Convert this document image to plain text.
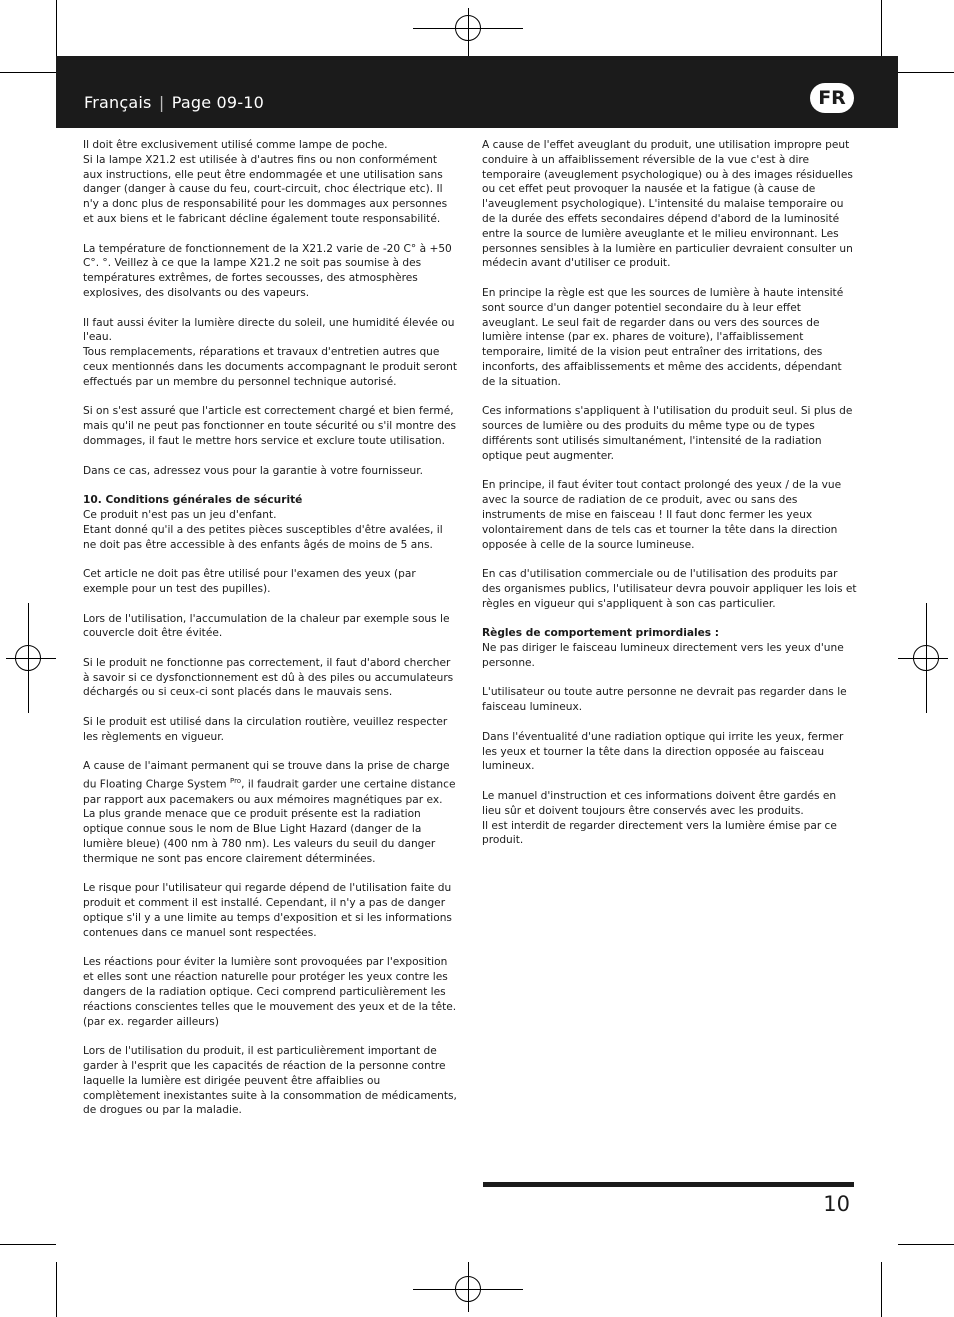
Français | Page 09-10	FR

Il doit être exclusivement utilisé comme lampe de poche.
Si la lampe X21.2 est utilisée à d'autres fins ou non conformément aux instructions, elle peut être endommagée et une utilisation sans danger (danger à cause du feu, court-circuit, choc électrique etc). Il n'y a donc plus de responsabilité pour les dommages aux personnes et aux biens et le fabricant décline également toute responsabilité.

La température de fonctionnement de la X21.2 varie de -20 C° à +50 C°. °. Veillez à ce que la lampe X21.2 ne soit pas soumise à des températures extrêmes, de fortes secousses, des atmosphères explosives, des disolvants ou des vapeurs.

Il faut aussi éviter la lumière directe du soleil, une humidité élevée ou l'eau.
Tous remplacements, réparations et travaux d'entretien autres que ceux mentionnés dans les documents accompagnant le produit seront effectués par un membre du personnel technique autorisé.

Si on s'est assuré que l'article est correctement chargé et bien fermé, mais qu'il ne peut pas fonctionner en toute sécurité ou s'il montre des dommages, il faut le mettre hors service et exclure toute utilisation.

Dans ce cas, adressez vous pour la garantie à votre fournisseur.

10. Conditions générales de sécurité

Ce produit n'est pas un jeu d'enfant.
Etant donné qu'il a des petites pièces susceptibles d'être avalées, il ne doit pas être accessible à des enfants âgés de moins de 5 ans.

Cet article ne doit pas être utilisé pour l'examen des yeux (par exemple pour un test des pupilles).

Lors de l'utilisation, l'accumulation de la chaleur par exemple sous le couvercle doit être évitée.

Si le produit ne fonctionne pas correctement, il faut d'abord chercher à savoir si ce dysfonctionnement est dû à des piles ou accumulateurs déchargés ou si ceux-ci sont placés dans le mauvais sens.

Si le produit est utilisé dans la circulation routière, veuillez respecter les règlements en vigueur.

A cause de l'aimant permanent qui se trouve dans la prise de charge du Floating Charge System $^{Pro}$, il faudrait garder une certaine distance par rapport aux pacemakers ou aux mémoires magnétiques par ex.
La plus grande menace que ce produit présente est la radiation optique connue sous le nom de Blue Light Hazard (danger de la lumière bleue) (400 nm à 780 nm). Les valeurs du seuil du danger thermique ne sont pas encore clairement déterminées.

Le risque pour l'utilisateur qui regarde dépend de l'utilisation faite du produit et comment il est installé. Cependant, il n'y a pas de danger optique s'il y a une limite au temps d'exposition et si les informations contenues dans ce manuel sont respectées.

Les réactions pour éviter la lumière sont provoquées par l'exposition et elles sont une réaction naturelle pour protéger les yeux contre les dangers de la radiation optique. Ceci comprend particulièrement les réactions conscientes telles que le mouvement des yeux et de la tête. (par ex. regarder ailleurs)

Lors de l'utilisation du produit, il est particulièrement important de garder à l'esprit que les capacités de réaction de la personne contre laquelle la lumière est dirigée peuvent être affaiblies ou complètement inexistantes suite à la consommation de médicaments, de drogues ou par la maladie.

A cause de l'effet aveuglant du produit, une utilisation impropre peut conduire à un affaiblissement réversible de la vue c'est à dire temporaire (aveuglement psychologique) ou à des images résiduelles ou cet effet peut provoquer la nausée et la fatigue (à cause de l'aveuglement psychologique). L'intensité du malaise temporaire ou de la durée des effets secondaires dépend d'abord de la luminosité entre la source de lumière aveuglante et le milieu environnant. Les personnes sensibles à la lumière en particulier devraient consulter un médecin avant d'utiliser ce produit.

En principe la règle est que les sources de lumière à haute intensité sont source d'un danger potentiel secondaire du à leur effet aveuglant. Le seul fait de regarder dans ou vers des sources de lumière intense (par ex. phares de voiture), l'affaiblissement temporaire, limité de la vision peut entraîner des irritations, des inconforts, des affaiblissements et même des accidents, dépendant de la situation.

Ces informations s'appliquent à l'utilisation du produit seul. Si plus de sources de lumière ou des produits du même type ou de types différents sont utilisés simultanément, l'intensité de la radiation optique peut augmenter.

En principe, il faut éviter tout contact prolongé des yeux / de la vue avec la source de radiation de ce produit, avec ou sans des instruments de mise en faisceau ! Il faut donc fermer les yeux volontairement dans de tels cas et tourner la tête dans la direction opposée à celle de la source lumineuse.

En cas d'utilisation commerciale ou de l'utilisation des produits par des organismes publics, l'utilisateur devra pouvoir appliquer les lois et règles en vigueur qui s'appliquent à son cas particulier.

Règles de comportement primordiales :

Ne pas diriger le faisceau lumineux directement vers les yeux d'une personne.

L'utilisateur ou toute autre personne ne devrait pas regarder dans le faisceau lumineux.

Dans l'éventualité d'une radiation optique qui irrite les yeux, fermer les yeux et tourner la tête dans la direction opposée au faisceau lumineux.

Le manuel d'instruction et ces informations doivent être gardés en lieu sûr et doivent toujours être conservés avec les produits.
Il est interdit de regarder directement vers la lumière émise par ce produit.

10
